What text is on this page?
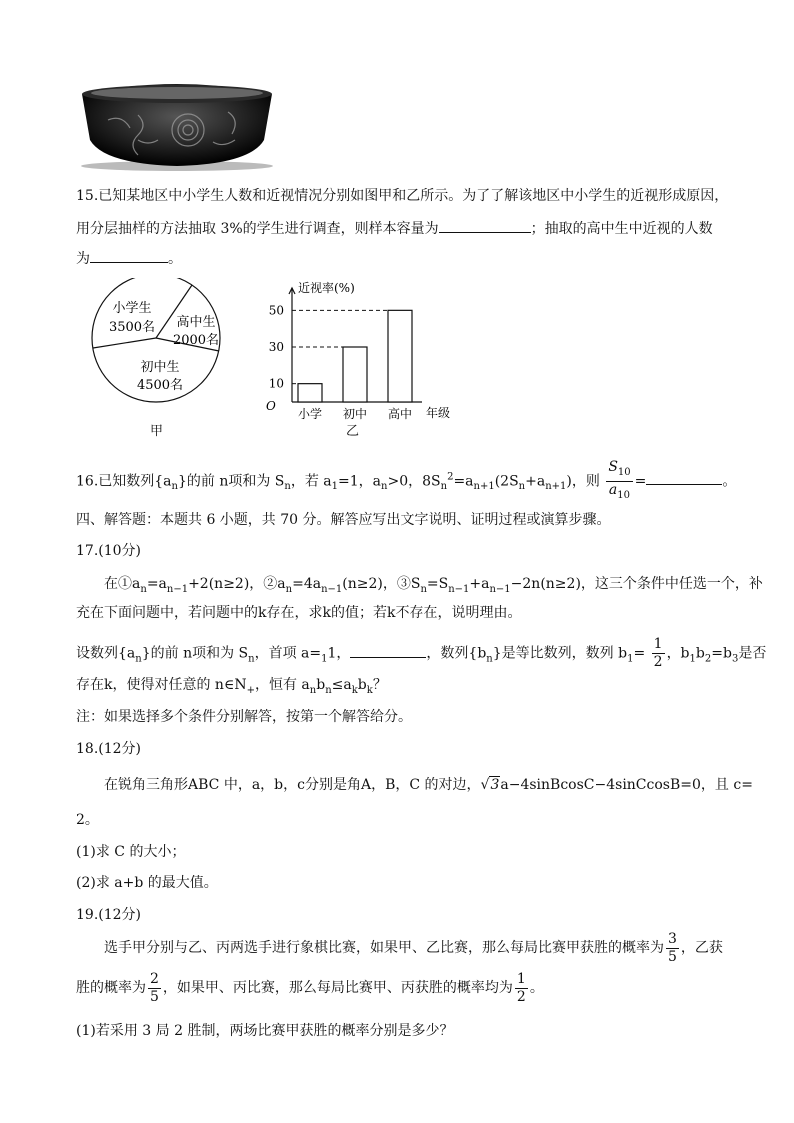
15.已知某地区中小学生人数和近视情况分别如图甲和乙所示。为了了解该地区中小学生的近视形成原因，
用分层抽样的方法抽取 3%的学生进行调查，则样本容量为	；抽取的高中生中近视的人数
为	。
小学生
3500名 高中生
2000名
初中生
4500名
甲
近视率(%)
年级
O
小学
10
初中
30
高中
50
乙
16.已知数列$\{a_n\}$的前 n项和为 $S_n$，若 $a_1=1$，$a_n>0$，$8S_n^2=a_{n+1}(2S_n+a_{n+1})$，则 $\frac{S_{10}}{a_{10}}$ =	。
四、解答题：本题共 6 小题，共 70 分。解答应写出文字说明、证明过程或演算步骤。
17.(10分)
在$①a_n=a_{n-1}+2(n\ge 2)$，$②a_n=4a_{n-1}(n\ge 2)$，$③S_n=S_{n-1}+a_{n-1}-2n(n\ge 2)$，这三个条件中任选一个，补
充在下面问题中，若问题中的k存在，求k的值；若k不存在，说明理由。
设数列$\{a_n\}$的前 n项和为 $S_n$，首项 $a=_11$，	，数列$\{b_n\}$是等比数列，数列 $b_1= \frac{1}{2}$ ，$b_1b_2=b_3$是否
存在k，使得对任意的 $n\in N_+$，恒有 $a_nb_n\le a_kb_k$？
注：如果选择多个条件分别解答，按第一个解答给分。
18.(12分)
在锐角三角形ABC 中，a，b，c分别是角A，B，C 的对边，√3a−4sinBcosC−4sinCcosB=0，且 c=
2。
(1)求 C 的大小；
(2)求 a+b 的最大值。
19.(12分)
选手甲分别与乙、丙两选手进行象棋比赛，如果甲、乙比赛，那么每局比赛甲获胜的概率为 $\frac{3}{5}$ ，乙获
胜的概率为 $\frac{2}{5}$ ，如果甲、丙比赛，那么每局比赛甲、丙获胜的概率均为 $\frac{1}{2}$ 。
(1)若采用 3 局 2 胜制，两场比赛甲获胜的概率分别是多少？
